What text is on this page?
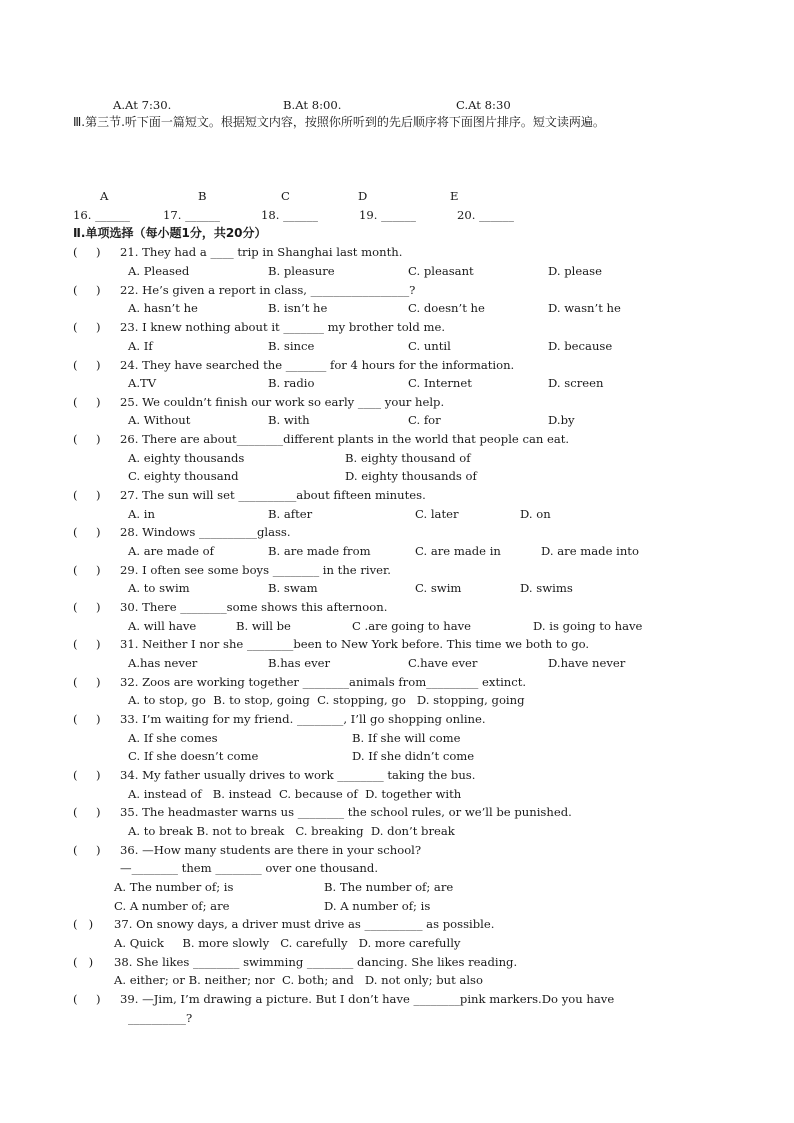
A.At 7:30.	B.At 8:00.	C.At 8:30
Ⅲ.第三节.听下面一篇短文。根据短文内容，按照你所听到的先后顺序将下面图片排序。短文读两遍。
A	B	C	D	E
16. ______	17. ______	18. ______	19. ______	20. ______
Ⅱ.单项选择（每小题1分，共20分）
(     ) 21. They had a ____ trip in Shanghai last month.
A. Pleased	B. pleasure	C. pleasant	D. please
(     ) 22. He’s given a report in class, _________________?
A. hasn’t he	B. isn’t he	C. doesn’t he	D. wasn’t he
(     ) 23. I knew nothing about it _______ my brother told me.
A. If	B. since	C. until	D. because
(     ) 24. They have searched the _______ for 4 hours for the information.
A.TV	B. radio	C. Internet	D. screen
(     ) 25. We couldn’t finish our work so early ____ your help.
A. Without	B. with	C. for	D.by
(     ) 26. There are about________different plants in the world that people can eat.
A. eighty thousands	B. eighty thousand of
C. eighty thousand	D. eighty thousands of
(     ) 27. The sun will set __________about fifteen minutes.
A. in	B. after	C. later	D. on
(     ) 28. Windows __________glass.
A. are made of	B. are made from	C. are made in	D. are made into
(     ) 29. I often see some boys ________ in the river.
A. to swim	B. swam	C. swim	D. swims
(     ) 30. There ________some shows this afternoon.
A. will have	B. will be	C .are going to have	D. is going to have
(     ) 31. Neither I nor she ________been to New York before. This time we both to go.
A.has never	B.has ever	C.have ever	D.have never
(     ) 32. Zoos are working together ________animals from_________ extinct.
A. to stop, go  B. to stop, going  C. stopping, go   D. stopping, going
(     ) 33. I’m waiting for my friend. ________, I’ll go shopping online.
A. If she comes	B. If she will come
C. If she doesn’t come	D. If she didn’t come
(     ) 34. My father usually drives to work ________ taking the bus.
A. instead of   B. instead  C. because of  D. together with
(     ) 35. The headmaster warns us ________ the school rules, or we’ll be punished.
A. to break B. not to break   C. breaking  D. don’t break
(     ) 36. —How many students are there in your school?
—________ them ________ over one thousand.
A. The number of; is	B. The number of; are
C. A number of; are	D. A number of; is
(   ) 37. On snowy days, a driver must drive as __________ as possible.
A. Quick     B. more slowly   C. carefully   D. more carefully
(   ) 38. She likes ________ swimming ________ dancing. She likes reading.
A. either; or B. neither; nor  C. both; and   D. not only; but also
(     ) 39. —Jim, I’m drawing a picture. But I don’t have ________pink markers.Do you have
__________?
